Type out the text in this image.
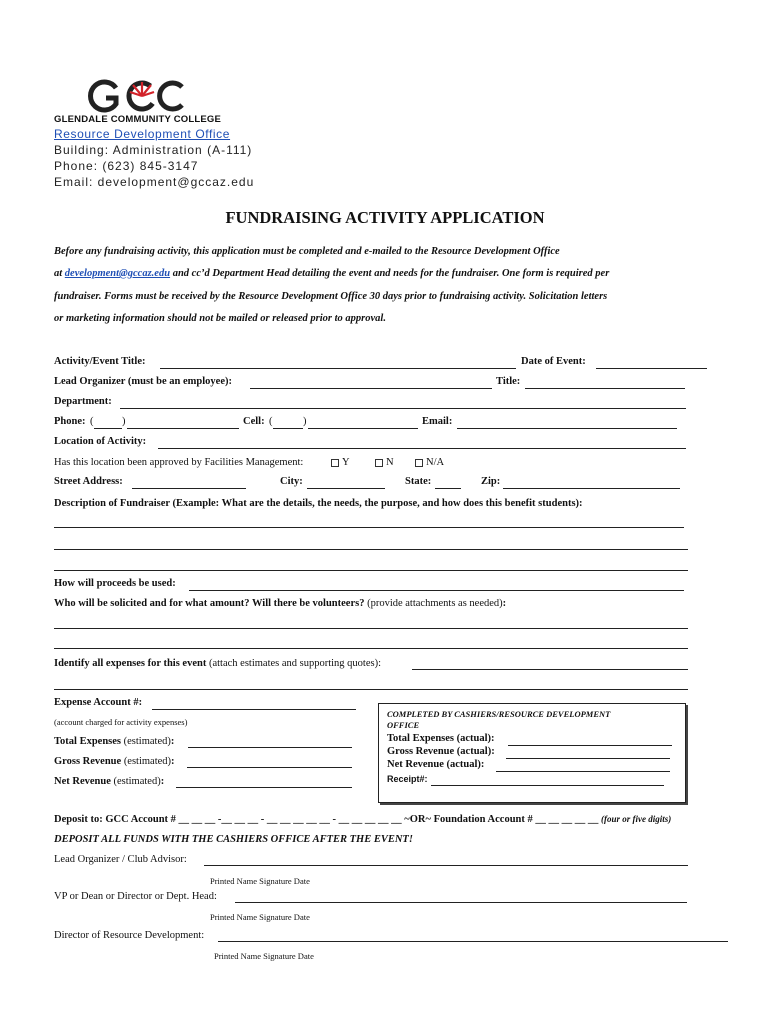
GLENDALE COMMUNITY COLLEGE
Resource Development Office
Building: Administration (A-111)
Phone: (623) 845-3147
Email: development@gccaz.edu
FUNDRAISING ACTIVITY APPLICATION
Before any fundraising activity, this application must be completed and e-mailed to the Resource Development Office
at development@gccaz.edu and cc’d Department Head detailing the event and needs for the fundraiser. One form is required per
fundraiser. Forms must be received by the Resource Development Office 30 days prior to fundraising activity. Solicitation letters
or marketing information should not be mailed or released prior to approval.
Activity/Event Title:	Date of Event:
Lead Organizer (must be an employee):	Title:
Department:
Phone: (	)	Cell: (	)	Email:
Location of Activity:
Has this location been approved by Facilities Management:	Y	N	N/A
Street Address:	City:	State:	Zip:
Description of Fundraiser (Example: What are the details, the needs, the purpose, and how does this benefit students):
How will proceeds be used:
Who will be solicited and for what amount? Will there be volunteers? (provide attachments as needed):
Identify all expenses for this event (attach estimates and supporting quotes):
Expense Account #:
(account charged for activity expenses)
Total Expenses (estimated):
Gross Revenue (estimated):
Net Revenue (estimated):
COMPLETED BY CASHIERS/RESOURCE DEVELOPMENT
OFFICE
Total Expenses (actual):
Gross Revenue (actual):
Net Revenue (actual):
Receipt#:
Deposit to: GCC Account # __ __ __ -__ __ __ - __ __ __ __ __ - __ __ __ __ __ ~OR~ Foundation Account # __ __ __ __ __ (four or five digits)
DEPOSIT ALL FUNDS WITH THE CASHIERS OFFICE AFTER THE EVENT!
Lead Organizer / Club Advisor:
Printed Name Signature Date
VP or Dean or Director or Dept. Head:
Printed Name Signature Date
Director of Resource Development:
Printed Name Signature Date
